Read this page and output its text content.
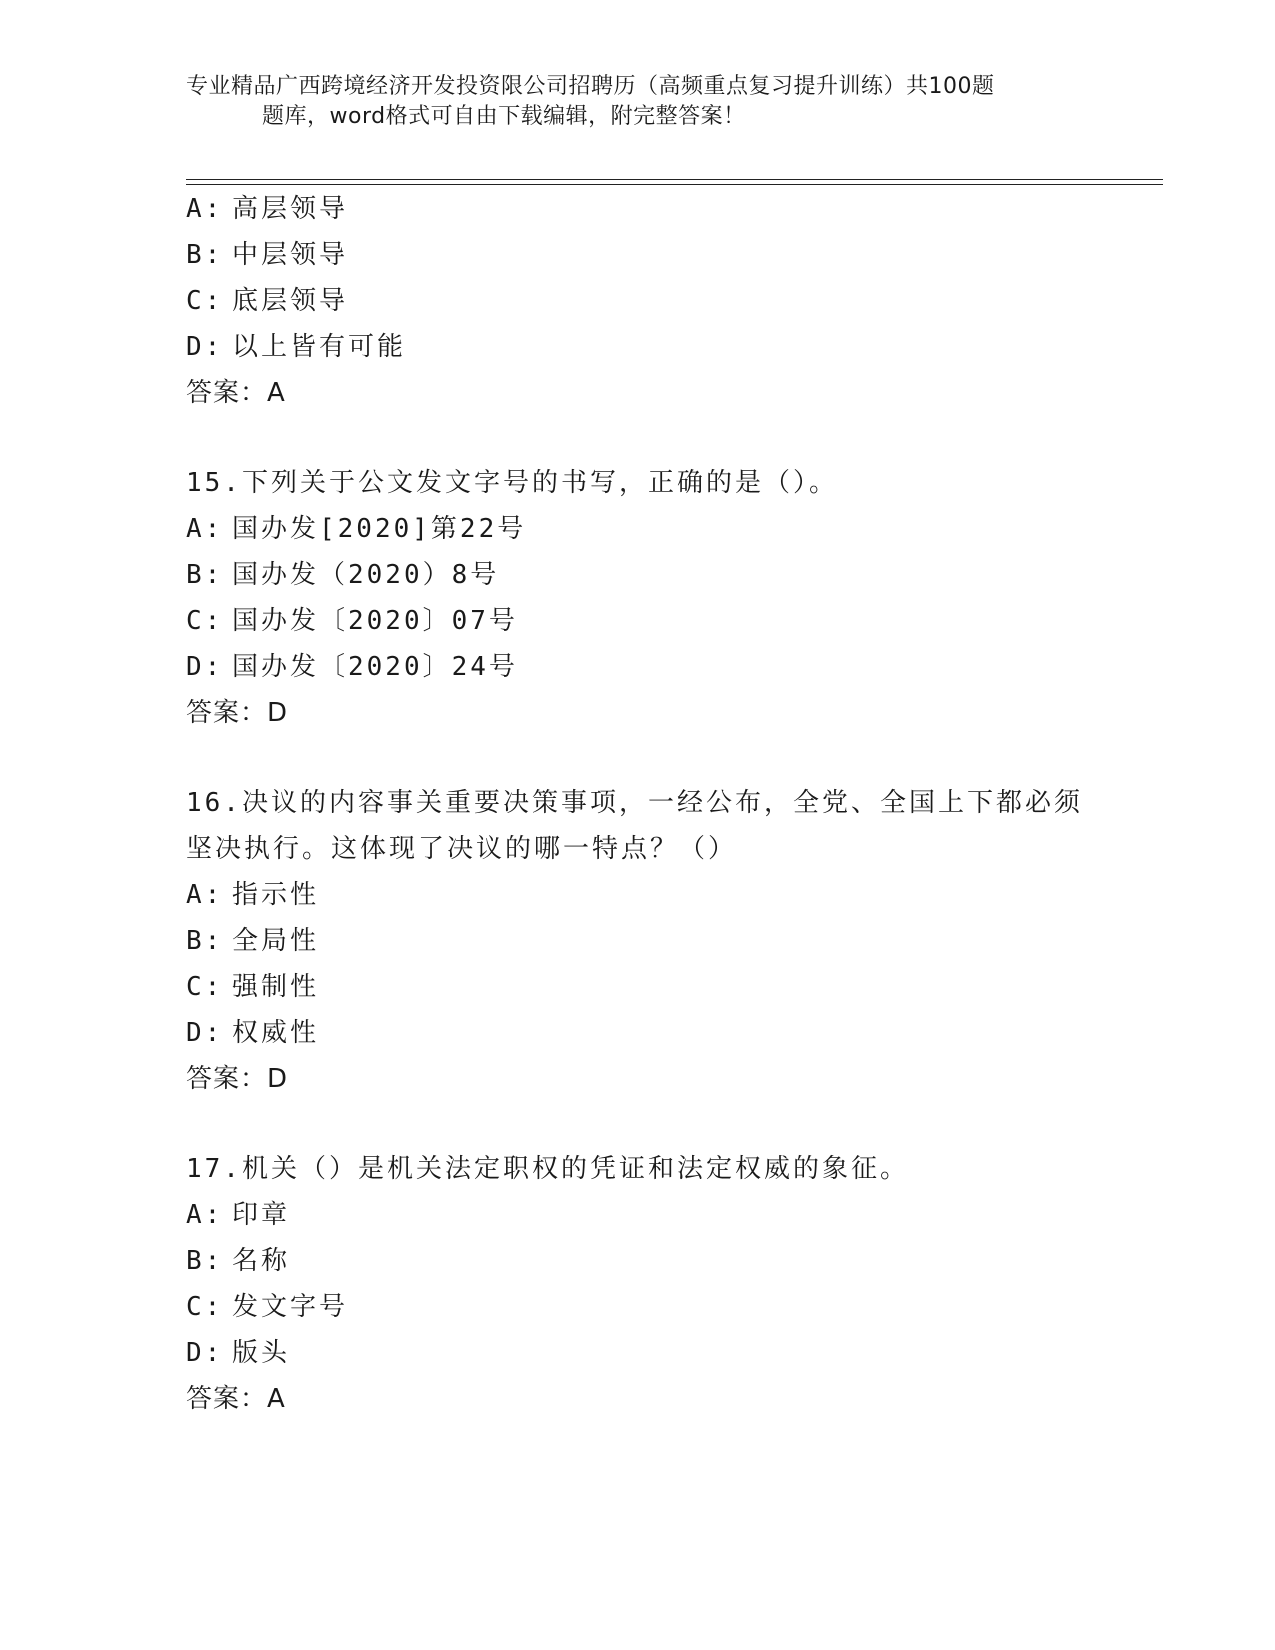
专业精品广西跨境经济开发投资限公司招聘历（高频重点复习提升训练）共100题
题库，word格式可自由下载编辑，附完整答案！
A: 高层领导
B: 中层领导
C: 底层领导
D: 以上皆有可能
答案：A
15.下列关于公文发文字号的书写，正确的是（）。
A: 国办发[2020]第22号
B: 国办发（2020）8号
C: 国办发〔2020〕07号
D: 国办发〔2020〕24号
答案：D
16.决议的内容事关重要决策事项，一经公布，全党、全国上下都必须
坚决执行。这体现了决议的哪一特点？（）
A: 指示性
B: 全局性
C: 强制性
D: 权威性
答案：D
17.机关（）是机关法定职权的凭证和法定权威的象征。
A: 印章
B: 名称
C: 发文字号
D: 版头
答案：A
